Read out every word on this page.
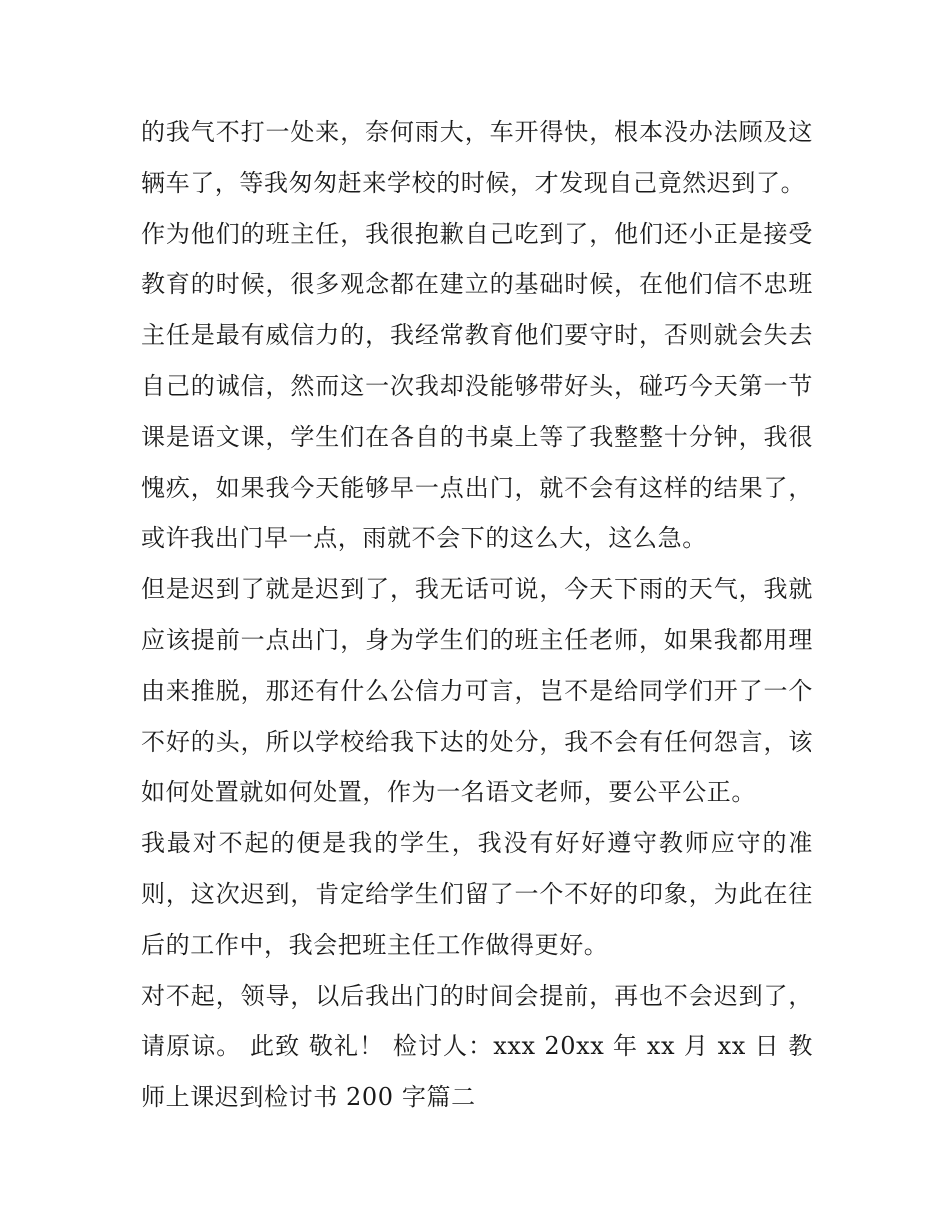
的我气不打一处来，奈何雨大，车开得快，根本没办法顾及这辆车了，等我匆匆赶来学校的时候，才发现自己竟然迟到了。

作为他们的班主任，我很抱歉自己吃到了，他们还小正是接受教育的时候，很多观念都在建立的基础时候，在他们信不忠班主任是最有威信力的，我经常教育他们要守时，否则就会失去自己的诚信，然而这一次我却没能够带好头，碰巧今天第一节课是语文课，学生们在各自的书桌上等了我整整十分钟，我很愧疚，如果我今天能够早一点出门，就不会有这样的结果了，或许我出门早一点，雨就不会下的这么大，这么急。

但是迟到了就是迟到了，我无话可说，今天下雨的天气，我就应该提前一点出门，身为学生们的班主任老师，如果我都用理由来推脱，那还有什么公信力可言，岂不是给同学们开了一个不好的头，所以学校给我下达的处分，我不会有任何怨言，该如何处置就如何处置，作为一名语文老师，要公平公正。

我最对不起的便是我的学生，我没有好好遵守教师应守的准则，这次迟到，肯定给学生们留了一个不好的印象，为此在往后的工作中，我会把班主任工作做得更好。

对不起，领导，以后我出门的时间会提前，再也不会迟到了，请原谅。 此致 敬礼！ 检讨人：xxx 20xx 年 xx 月 xx 日 教师上课迟到检讨书 200 字篇二
